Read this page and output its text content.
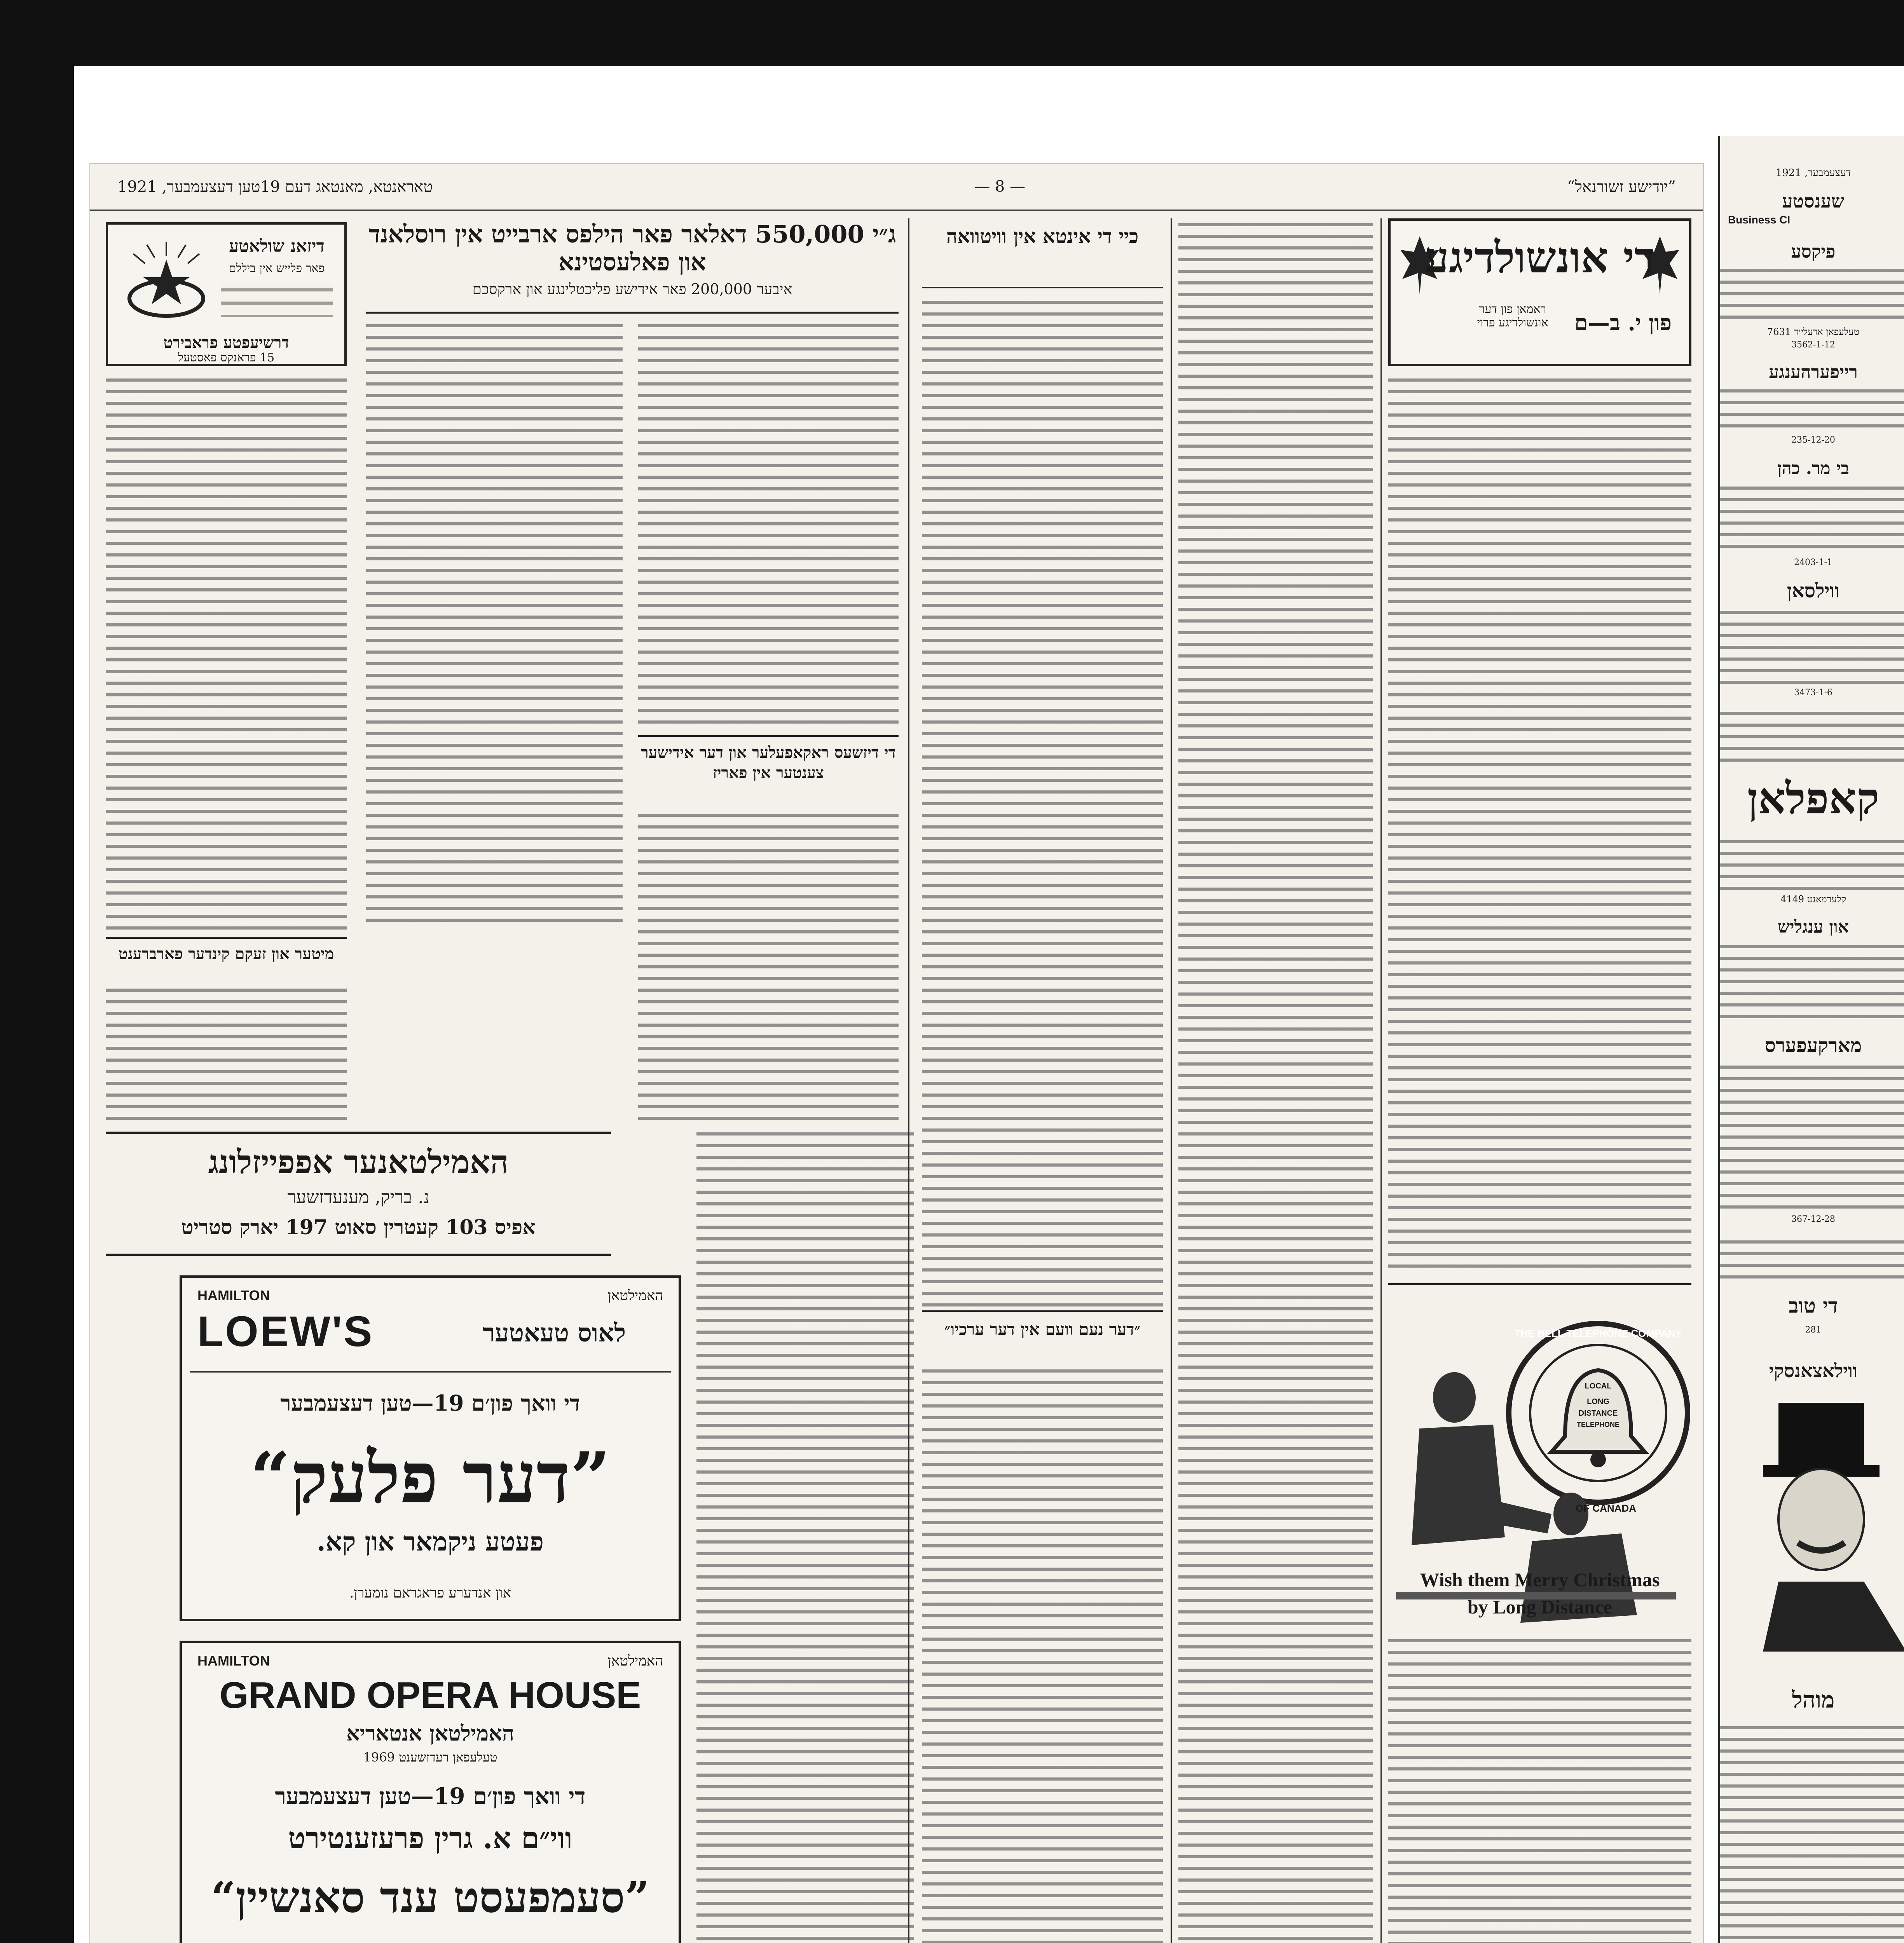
”יודישע זשורנאל“
— 8 —
טאראנטא, מאנטאג דעם 19טען דעצעמבער, 1921
דיזאנ שולאטע
פאר פלייש אין ביללם
דרשיעפטע פראבירט
15 פראנקס פאסטעל
ג״י 550,000 דאלאר פאר הילפס ארבייט אין רוסלאנד און פאלעסטינא
איבער 200,000 פאר אידישע פליכטלינגע און ארקסכם
מיטער און זעקם קינדער פארברענט
די דיזשעס ראקאפעלער און דער אידישער צענטער אין פאריז
האמילטאנער אפפייזלונג
נ. בריק, מענעדזשער
אפיס 103 קעטרין סאוט 197 יארק סטריט
HAMILTON	האמילטאן
LOEW'S	לאוס טעאטער
די וואך פון׳ם 19—טען דעצעמבער
”דער פלעק“
פעטע ניקמאר און קא.
און אנדערע פראגראם נומערן.
HAMILTON	האמילטאן
GRAND OPERA HOUSE
האמילטאן אנטאריא
טעלעפאן רעדזשענט 1969
די וואך פון׳ם 19—טען דעצעמבער
ווי״ם א. גרין פרעזענטירט
”סעמפעסט ענד סאנשיין“
כיי די אינטא אין וויטוואה
״דער נעם וועם אין דער ערכיו״
די אונשולדיגע
ראמאן פון דער אונשולדיגע פרוי	פון י. ב—ם
THE BELL TELEPHONE COMPANY
OF CANADA
LOCAL
LONG
DISTANCE
TELEPHONE
Wish them Merry Christmas
by Long Distance
דעצעמבער, 1921
שענסטע
Business Cl
פיקסע
טעלעפאן אדעלייד 7631
3562-1-12
רייפערהענגע
235-12-20
בי מר. כהן
2403-1-1
ווילסאן
3473-1-6
קאפלאן
קלערמאנט 4149
און ענגליש
מארקעפערס
367-12-28
די טוב
281
ווילאצאנסקי
מוהל
